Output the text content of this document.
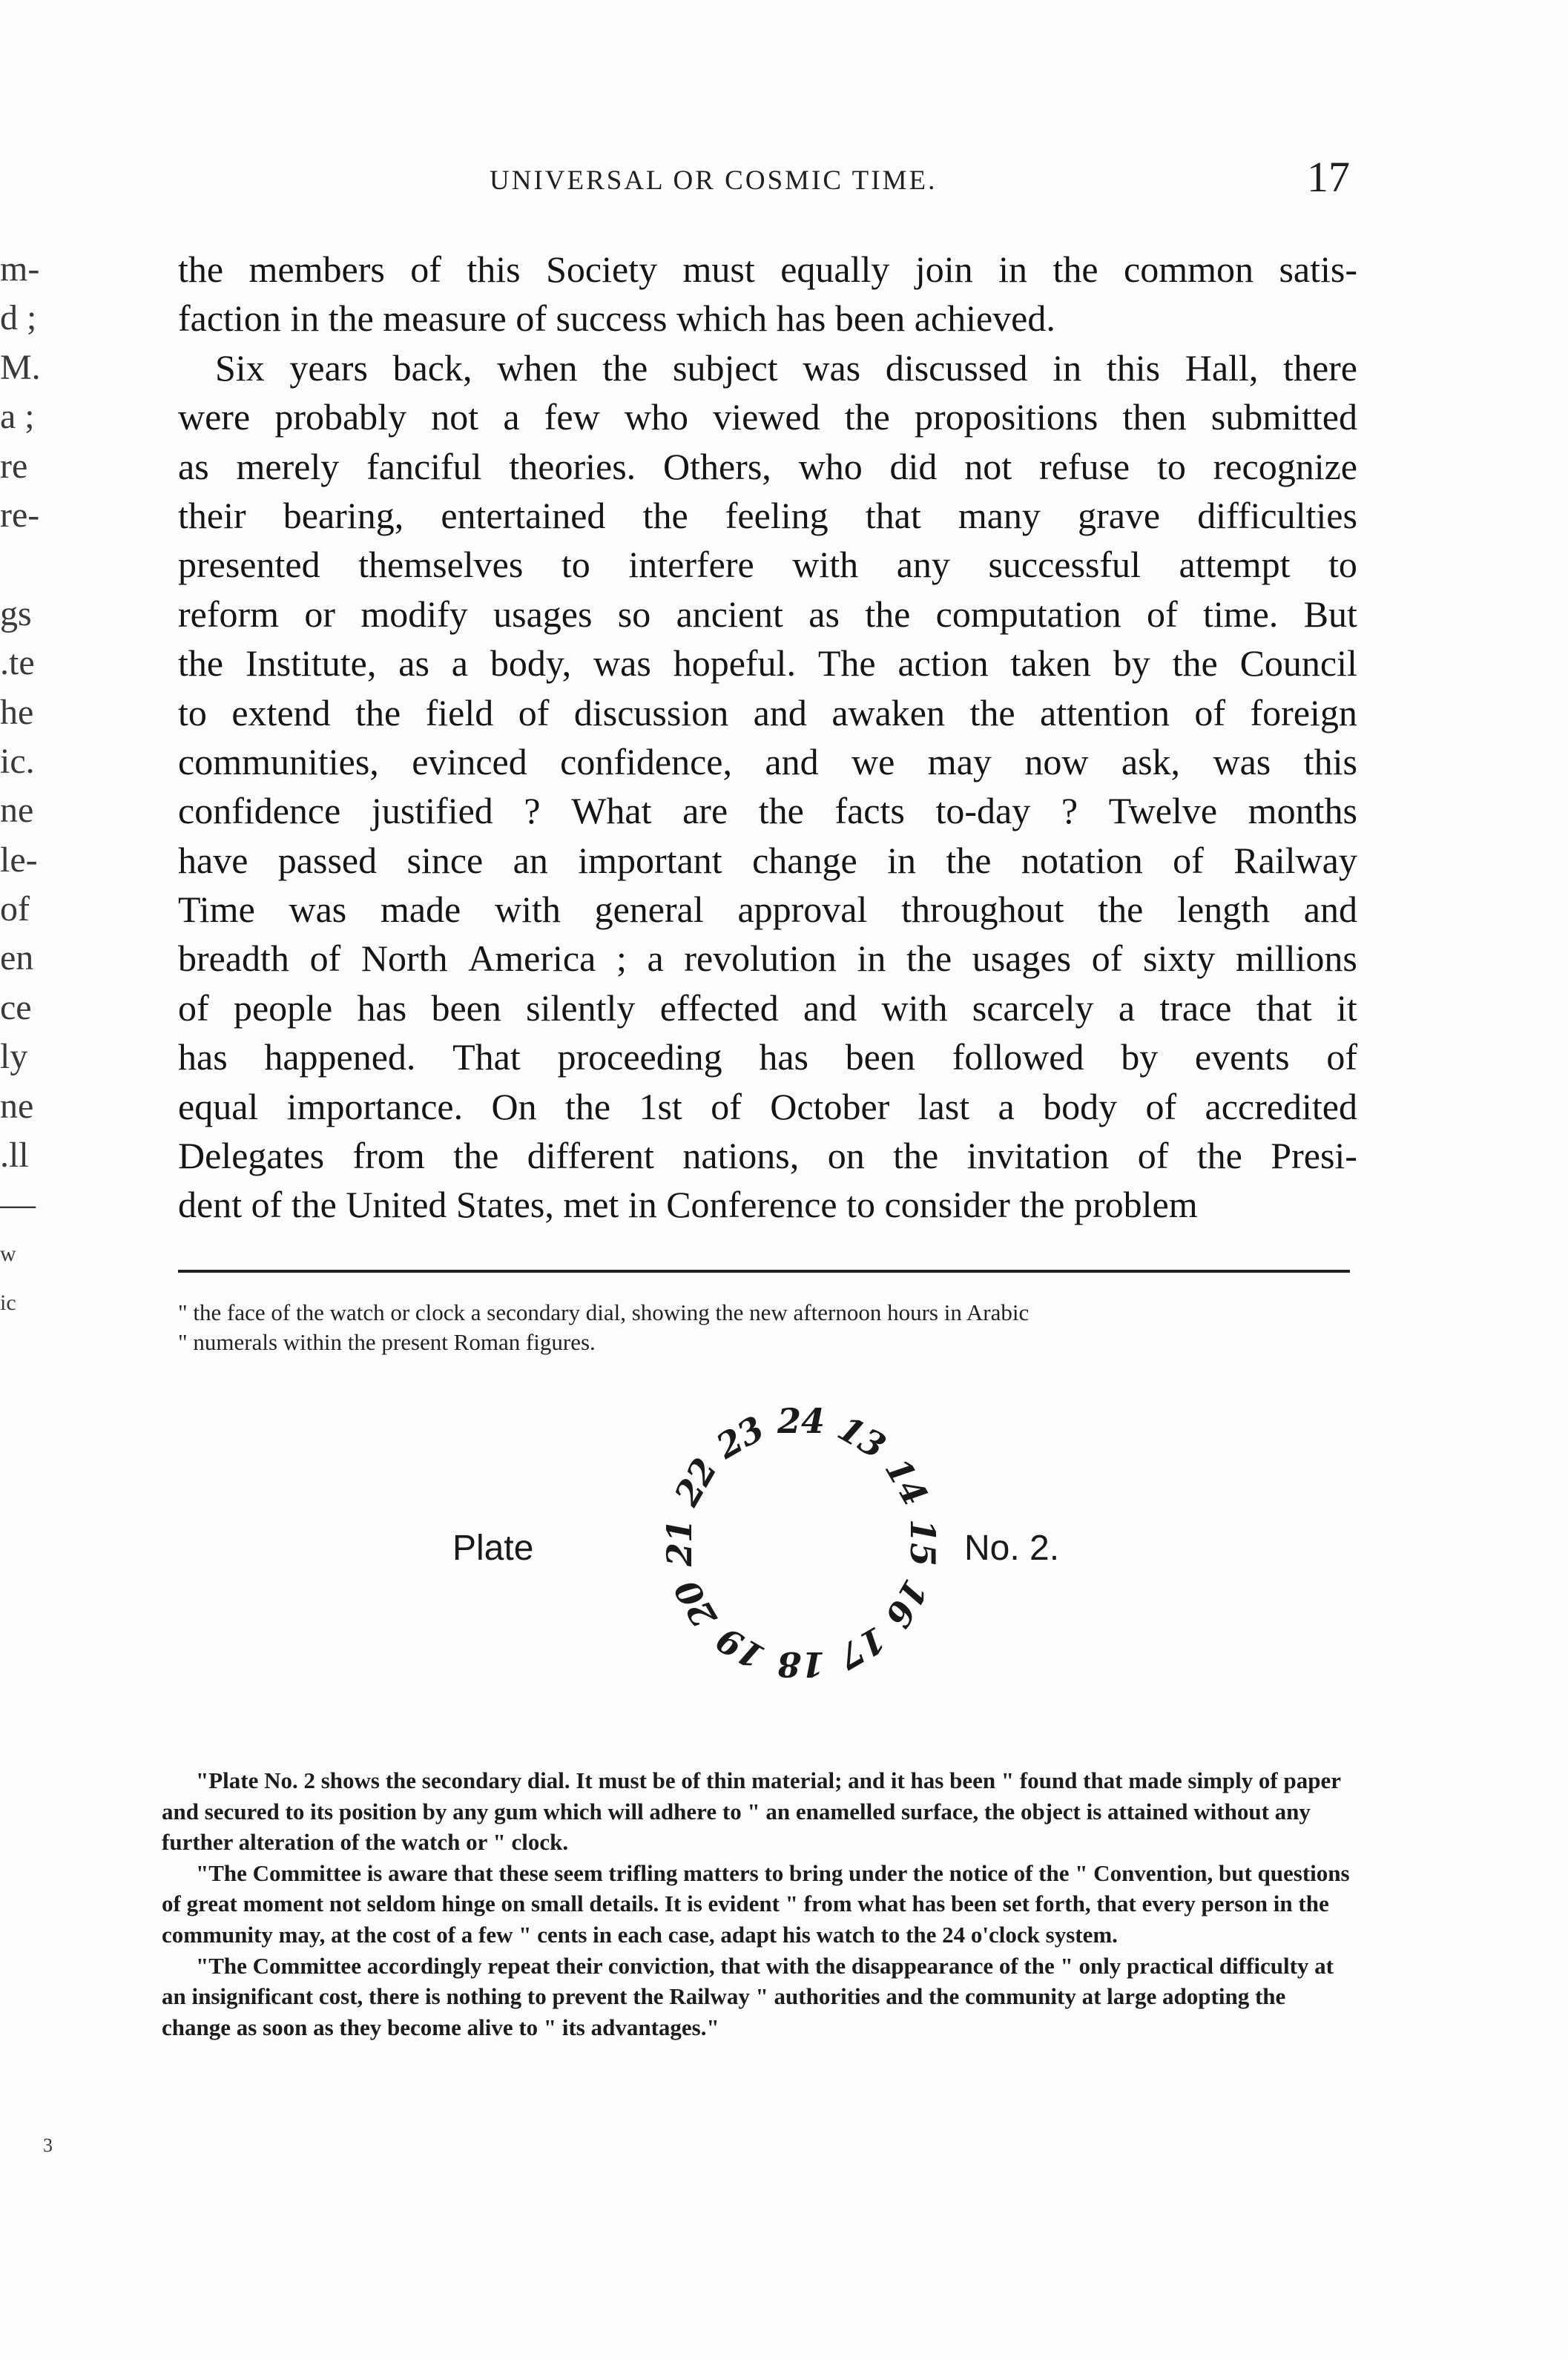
UNIVERSAL OR COSMIC TIME.	17
m-
d ;
M.
a ;
re
re-
gs
.te
he
ic.
ne
le-
of
en
ce
ly
ne
.ll
—
w
ic
the members of this Society must equally join in the common satis-
faction in the measure of success which has been achieved.
Six years back, when the subject was discussed in this Hall, there
were probably not a few who viewed the propositions then submitted
as merely fanciful theories. Others, who did not refuse to recognize
their bearing, entertained the feeling that many grave difficulties
presented themselves to interfere with any successful attempt to
reform or modify usages so ancient as the computation of time. But
the Institute, as a body, was hopeful. The action taken by the Council
to extend the field of discussion and awaken the attention of foreign
communities, evinced confidence, and we may now ask, was this
confidence justified ? What are the facts to-day ? Twelve months
have passed since an important change in the notation of Railway
Time was made with general approval throughout the length and
breadth of North America ; a revolution in the usages of sixty millions
of people has been silently effected and with scarcely a trace that it
has happened. That proceeding has been followed by events of
equal importance. On the 1st of October last a body of accredited
Delegates from the different nations, on the invitation of the Presi-
dent of the United States, met in Conference to consider the problem
" the face of the watch or clock a secondary dial, showing the new afternoon hours in Arabic
" numerals within the present Roman figures.
Plate	No. 2.
24 13
14
15
16
17
18
19
20
21
22
23

"Plate No. 2 shows the secondary dial. It must be of thin material; and it has been " found that made simply of paper and secured to its position by any gum which will adhere to " an enamelled surface, the object is attained without any further alteration of the watch or " clock.

"The Committee is aware that these seem trifling matters to bring under the notice of the " Convention, but questions of great moment not seldom hinge on small details. It is evident " from what has been set forth, that every person in the community may, at the cost of a few " cents in each case, adapt his watch to the 24 o'clock system.

"The Committee accordingly repeat their conviction, that with the disappearance of the " only practical difficulty at an insignificant cost, there is nothing to prevent the Railway " authorities and the community at large adopting the change as soon as they become alive to " its advantages."

3
